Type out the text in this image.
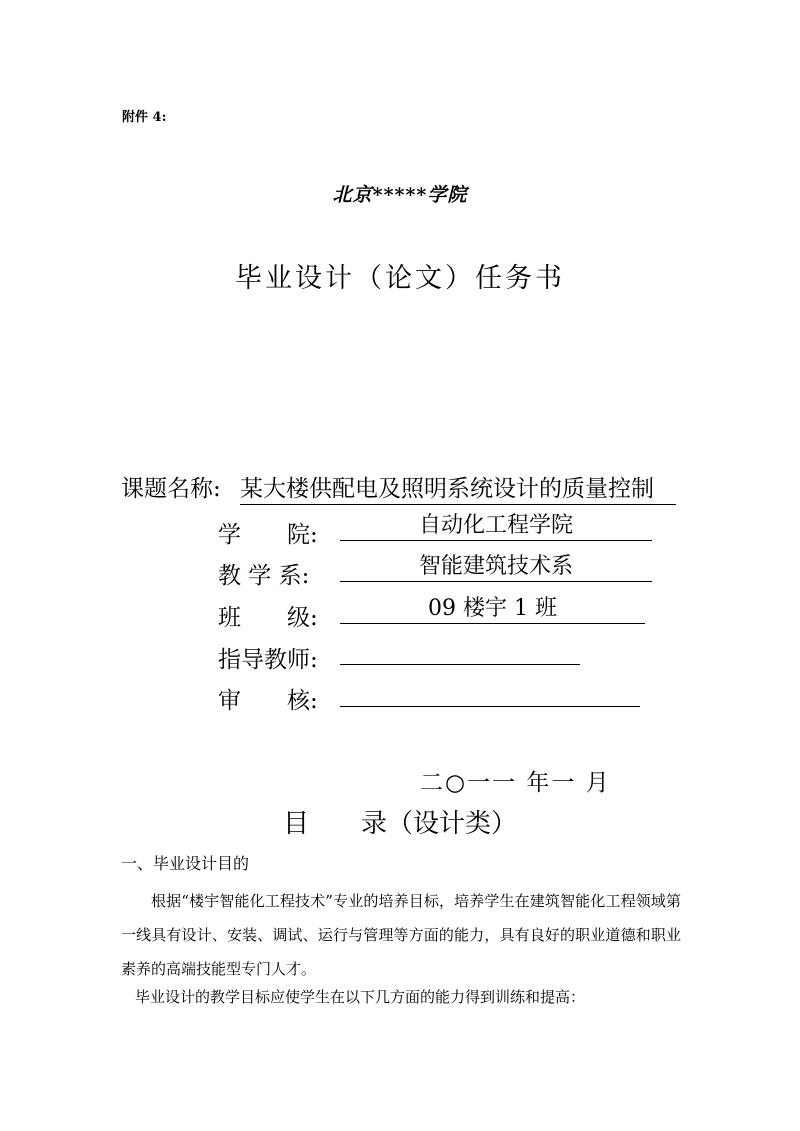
附件 4:
北京*****学院
毕业设计（论文）任务书
课题名称: 某大楼供配电及照明系统设计的质量控制
学　　院:	自动化工程学院
教 学 系:	智能建筑技术系
班　　级:	09 楼宇 1 班
指导教师:
审　　核:
二○一一 年一 月
目　　录（设计类）
一、毕业设计目的
根据“楼宇智能化工程技术”专业的培养目标，培养学生在建筑智能化工程领域第一线具有设计、安装、调试、运行与管理等方面的能力，具有良好的职业道德和职业素养的高端技能型专门人才。
毕业设计的教学目标应使学生在以下几方面的能力得到训练和提高：
